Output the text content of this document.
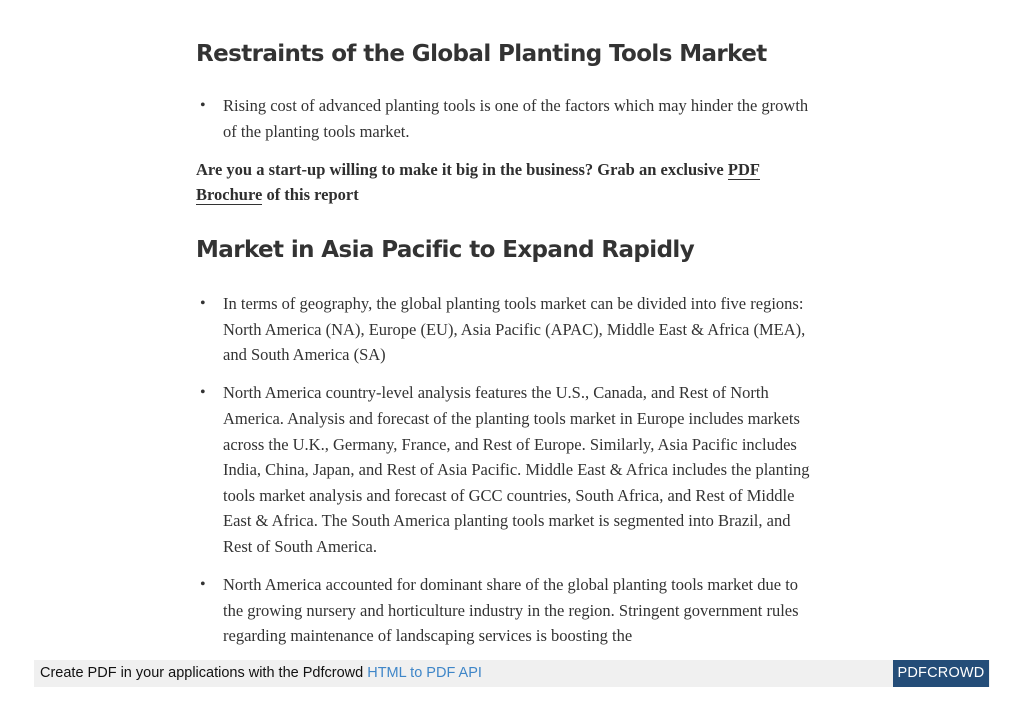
Restraints of the Global Planting Tools Market
• Rising cost of advanced planting tools is one of the factors which may hinder the growth of the planting tools market.

Are you a start-up willing to make it big in the business? Grab an exclusive PDF Brochure of this report

Market in Asia Pacific to Expand Rapidly
• In terms of geography, the global planting tools market can be divided into five regions: North America (NA), Europe (EU), Asia Pacific (APAC), Middle East & Africa (MEA), and South America (SA)
• North America country-level analysis features the U.S., Canada, and Rest of North America. Analysis and forecast of the planting tools market in Europe includes markets across the U.K., Germany, France, and Rest of Europe. Similarly, Asia Pacific includes India, China, Japan, and Rest of Asia Pacific. Middle East & Africa includes the planting tools market analysis and forecast of GCC countries, South Africa, and Rest of Middle East & Africa. The South America planting tools market is segmented into Brazil, and Rest of South America.
• North America accounted for dominant share of the global planting tools market due to the growing nursery and horticulture industry in the region. Stringent government rules regarding maintenance of landscaping services is boosting the
Create PDF in your applications with the Pdfcrowd HTML to PDF API	PDFCROWD
